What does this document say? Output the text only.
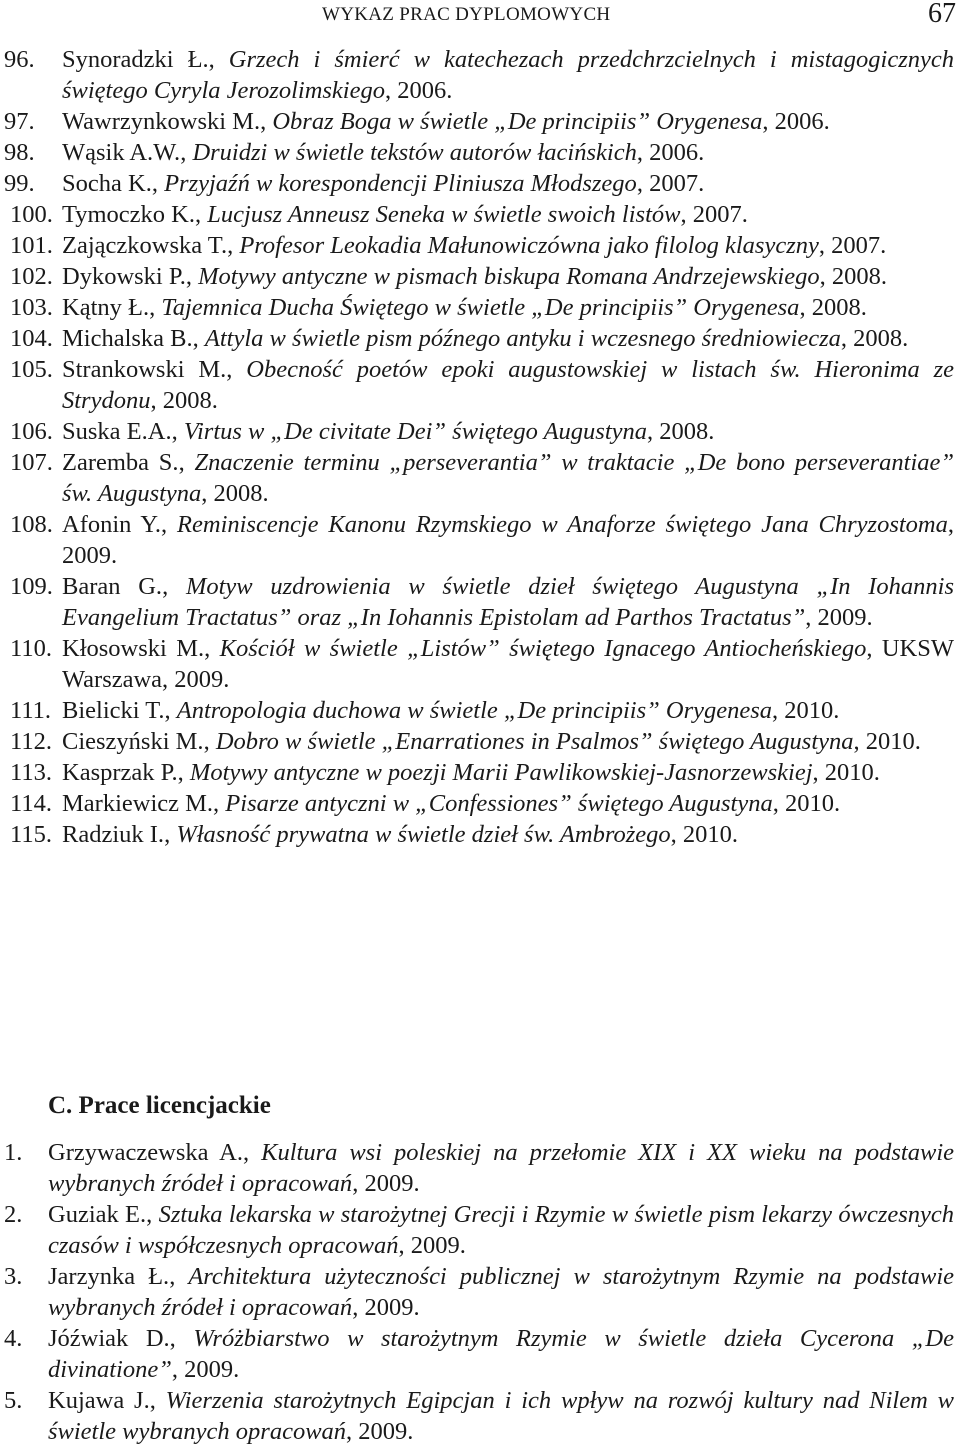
WYKAZ PRAC DYPLOMOWYCH	67
96. Synoradzki Ł., Grzech i śmierć w katechezach przedchrzcielnych i mistagogicznych świętego Cyryla Jerozolimskiego, 2006.
97. Wawrzynkowski M., Obraz Boga w świetle „De principiis” Orygenesa, 2006.
98. Wąsik A.W., Druidzi w świetle tekstów autorów łacińskich, 2006.
99. Socha K., Przyjaźń w korespondencji Pliniusza Młodszego, 2007.
100. Tymoczko K., Lucjusz Anneusz Seneka w świetle swoich listów, 2007.
101. Zajączkowska T., Profesor Leokadia Małunowiczówna jako filolog klasyczny, 2007.
102. Dykowski P., Motywy antyczne w pismach biskupa Romana Andrzejewskiego, 2008.
103. Kątny Ł., Tajemnica Ducha Świętego w świetle „De principiis” Orygenesa, 2008.
104. Michalska B., Attyla w świetle pism późnego antyku i wczesnego średniowiecza, 2008.
105. Strankowski M., Obecność poetów epoki augustowskiej w listach św. Hieronima ze Strydonu, 2008.
106. Suska E.A., Virtus w „De civitate Dei” świętego Augustyna, 2008.
107. Zaremba S., Znaczenie terminu „perseverantia” w traktacie „De bono perseverantiae” św. Augustyna, 2008.
108. Afonin Y., Reminiscencje Kanonu Rzymskiego w Anaforze świętego Jana Chryzostoma, 2009.
109. Baran G., Motyw uzdrowienia w świetle dzieł świętego Augustyna „In Iohannis Evangelium Tractatus” oraz „In Iohannis Epistolam ad Parthos Tractatus”, 2009.
110. Kłosowski M., Kościół w świetle „Listów” świętego Ignacego Antiocheńskiego, UKSW Warszawa, 2009.
111. Bielicki T., Antropologia duchowa w świetle „De principiis” Orygenesa, 2010.
112. Cieszyński M., Dobro w świetle „Enarrationes in Psalmos” świętego Augustyna, 2010.
113. Kasprzak P., Motywy antyczne w poezji Marii Pawlikowskiej-Jasnorzewskiej, 2010.
114. Markiewicz M., Pisarze antyczni w „Confessiones” świętego Augustyna, 2010.
115. Radziuk I., Własność prywatna w świetle dzieł św. Ambrożego, 2010.
C. Prace licencjackie
1. Grzywaczewska A., Kultura wsi poleskiej na przełomie XIX i XX wieku na podstawie wybranych źródeł i opracowań, 2009.
2. Guziak E., Sztuka lekarska w starożytnej Grecji i Rzymie w świetle pism lekarzy ówczesnych czasów i współczesnych opracowań, 2009.
3. Jarzynka Ł., Architektura użyteczności publicznej w starożytnym Rzymie na podstawie wybranych źródeł i opracowań, 2009.
4. Jóźwiak D., Wróżbiarstwo w starożytnym Rzymie w świetle dzieła Cycerona „De divinatione”, 2009.
5. Kujawa J., Wierzenia starożytnych Egipcjan i ich wpływ na rozwój kultury nad Nilem w świetle wybranych opracowań, 2009.
